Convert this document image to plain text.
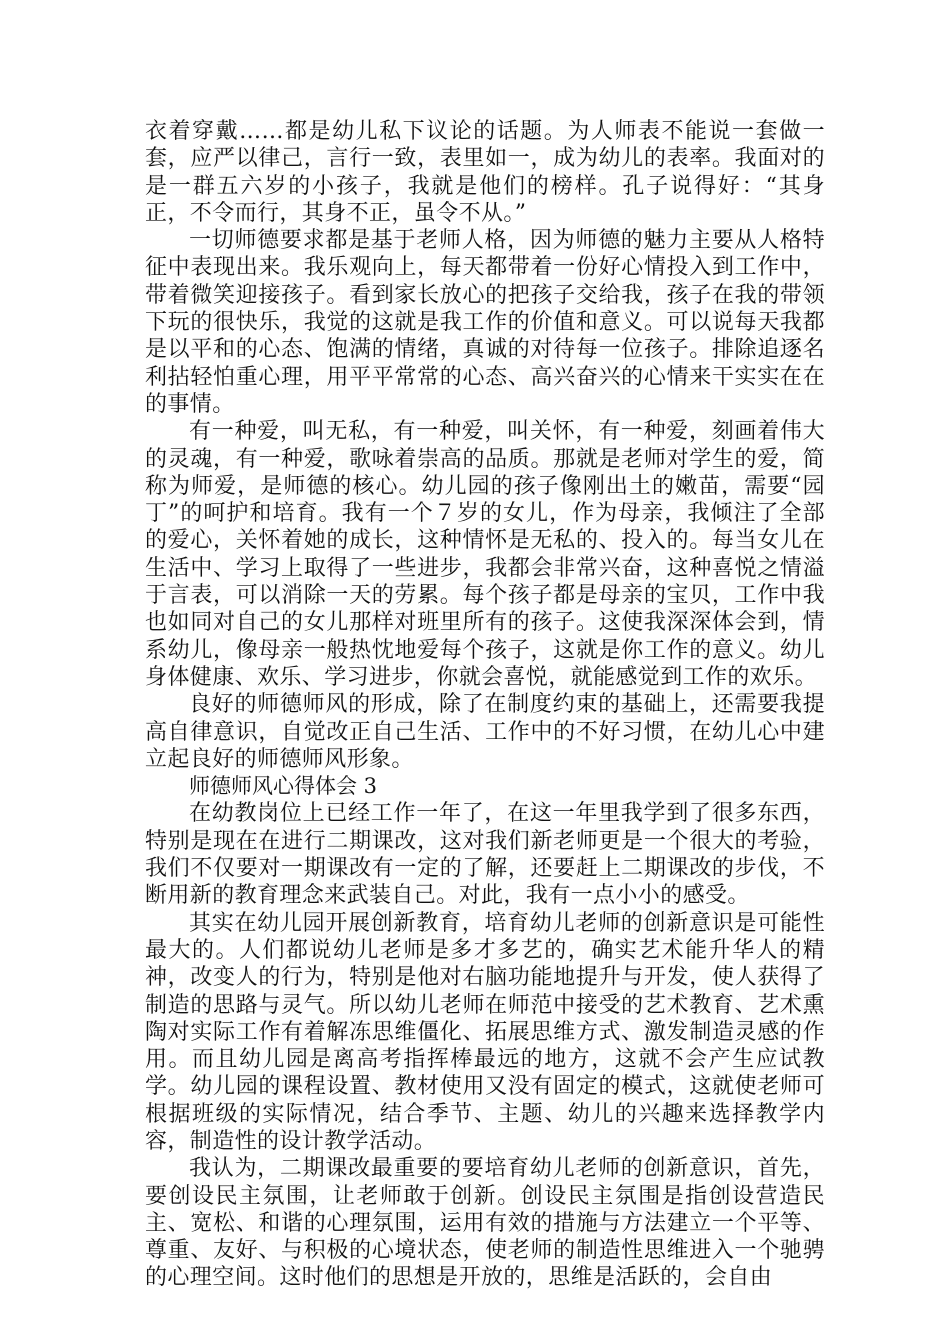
衣着穿戴……都是幼儿私下议论的话题。为人师表不能说一套做一套，应严以律己，言行一致，表里如一，成为幼儿的表率。我面对的是一群五六岁的小孩子，我就是他们的榜样。孔子说得好：“其身正，不令而行，其身不正，虽令不从。”

一切师德要求都是基于老师人格，因为师德的魅力主要从人格特征中表现出来。我乐观向上，每天都带着一份好心情投入到工作中，带着微笑迎接孩子。看到家长放心的把孩子交给我，孩子在我的带领下玩的很快乐，我觉的这就是我工作的价值和意义。可以说每天我都是以平和的心态、饱满的情绪，真诚的对待每一位孩子。排除追逐名利拈轻怕重心理，用平平常常的心态、高兴奋兴的心情来干实实在在的事情。

有一种爱，叫无私，有一种爱，叫关怀，有一种爱，刻画着伟大的灵魂，有一种爱，歌咏着崇高的品质。那就是老师对学生的爱，简称为师爱，是师德的核心。幼儿园的孩子像刚出土的嫩苗，需要“园丁”的呵护和培育。我有一个７岁的女儿，作为母亲，我倾注了全部的爱心，关怀着她的成长，这种情怀是无私的、投入的。每当女儿在生活中、学习上取得了一些进步，我都会非常兴奋，这种喜悦之情溢于言表，可以消除一天的劳累。每个孩子都是母亲的宝贝，工作中我也如同对自己的女儿那样对班里所有的孩子。这使我深深体会到，情系幼儿，像母亲一般热忱地爱每个孩子，这就是你工作的意义。幼儿身体健康、欢乐、学习进步，你就会喜悦，就能感觉到工作的欢乐。

良好的师德师风的形成，除了在制度约束的基础上，还需要我提高自律意识，自觉改正自己生活、工作中的不好习惯，在幼儿心中建立起良好的师德师风形象。

师德师风心得体会 3

在幼教岗位上已经工作一年了，在这一年里我学到了很多东西，特别是现在在进行二期课改，这对我们新老师更是一个很大的考验，我们不仅要对一期课改有一定的了解，还要赶上二期课改的步伐，不断用新的教育理念来武装自己。对此，我有一点小小的感受。

其实在幼儿园开展创新教育，培育幼儿老师的创新意识是可能性最大的。人们都说幼儿老师是多才多艺的，确实艺术能升华人的精神，改变人的行为，特别是他对右脑功能地提升与开发，使人获得了制造的思路与灵气。所以幼儿老师在师范中接受的艺术教育、艺术熏陶对实际工作有着解冻思维僵化、拓展思维方式、激发制造灵感的作用。而且幼儿园是离高考指挥棒最远的地方，这就不会产生应试教学。幼儿园的课程设置、教材使用又没有固定的模式，这就使老师可根据班级的实际情况，结合季节、主题、幼儿的兴趣来选择教学内容，制造性的设计教学活动。

我认为，二期课改最重要的要培育幼儿老师的创新意识，首先，要创设民主氛围，让老师敢于创新。创设民主氛围是指创设营造民主、宽松、和谐的心理氛围，运用有效的措施与方法建立一个平等、尊重、友好、与积极的心境状态，使老师的制造性思维进入一个驰骋的心理空间。这时他们的思想是开放的，思维是活跃的，会自由
